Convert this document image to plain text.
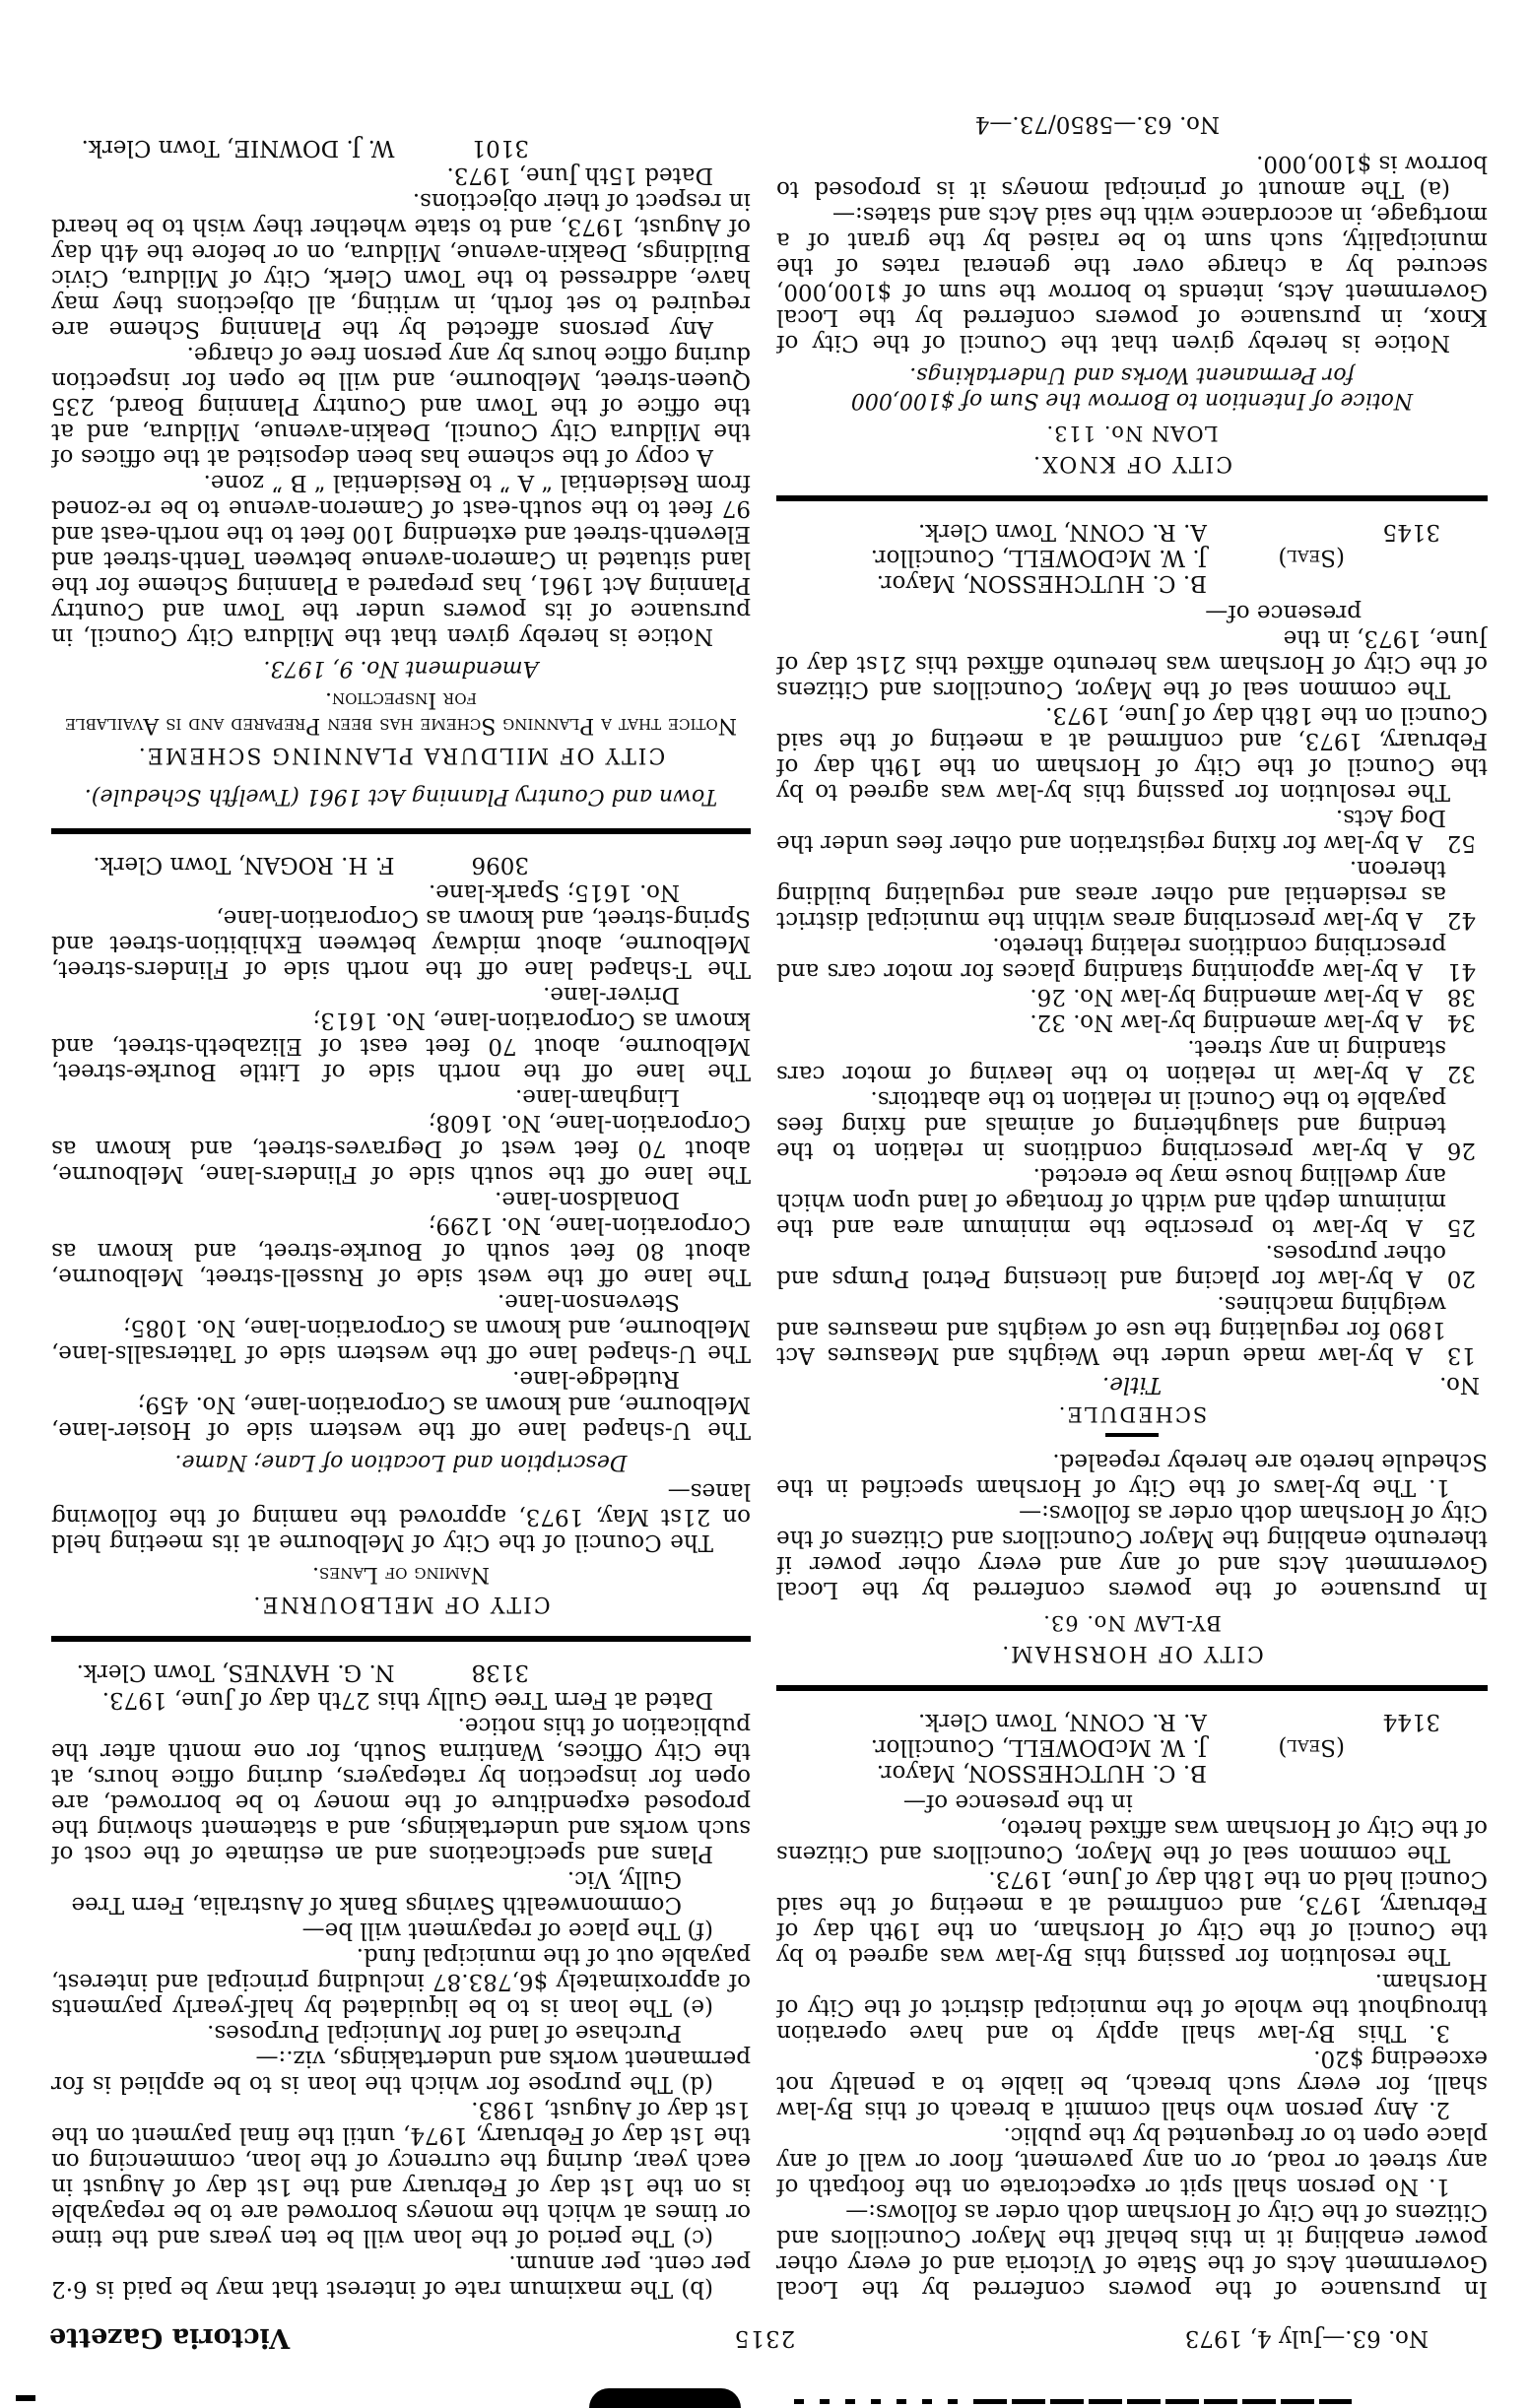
No. 63.—July 4, 1973
2315
Victoria Gazette
In pursuance of the powers conferred by the Local Government Acts of the State of Victoria and of every other power enabling it in this behalf the Mayor Councillors and Citizens of the City of Horsham doth order as follows:—
1. No person shall spit or expectorate on the footpath of any street or road, or on any pavement, floor or wall of any place open to or frequented by the public.
2. Any person who shall commit a breach of this By-law shall, for every such breach, be liable to a penalty not exceeding $20.
3. This By-law shall apply to and have operation throughout the whole of the municipal district of the City of Horsham.
The resolution for passing this By-law was agreed to by the Council of the City of Horsham, on the 19th day of February, 1973, and confirmed at a meeting of the said Council held on the 18th day of June, 1973.
The common seal of the Mayor, Councillors and Citizens of the City of Horsham was affixed hereto,
in the presence of—
B. C. HUTCHESSON, Mayor.
(Seal)
J. W. McDOWELL, Councillor.
3144
A. R. CONN, Town Clerk.
CITY OF HORSHAM.
BY-LAW No. 63.
In pursuance of the powers conferred by the Local Government Acts and of any and every other power if thereunto enabling the Mayor Councillors and Citizens of the City of Horsham doth order as follows:—
1. The by-laws of the City of Horsham specified in the Schedule hereto are hereby repealed.
SCHEDULE.
No.
Title.
13A by-law made under the Weights and Measures Act 1890 for regulating the use of weights and measures and weighing machines.
20A by-law for placing and licensing Petrol Pumps and other purposes.
25A by-law to prescribe the minimum area and the minimum depth and width of frontage of land upon which any dwelling house may be erected.
26A by-law prescribing conditions in relation to the tending and slaughtering of animals and fixing fees payable to the Council in relation to the abattoirs.
32A by-law in relation to the leaving of motor cars standing in any street.
34A by-law amending by-law No. 32.
38A by-law amending by-law No. 26.
41A by-law appointing standing places for motor cars and prescribing conditions relating thereto.
42A by-law prescribing areas within the municipal district as residential and other areas and regulating building thereon.
52A by-law for fixing registration and other fees under the Dog Acts.
The resolution for passing this by-law was agreed to by the Council of the City of Horsham on the 19th day of February, 1973, and confirmed at a meeting of the said Council on the 18th day of June, 1973.
The common seal of the Mayor, Councillors and Citizens of the City of Horsham was hereunto affixed this 21st day of June, 1973, in the
presence of—
B. C. HUTCHESSON, Mayor.
(Seal)
J. W. McDOWELL, Councillor.
3145
A. R. CONN, Town Clerk.
CITY OF KNOX.
LOAN No. 113.
Notice of Intention to Borrow the Sum of $100,000 for Permanent Works and Undertakings.
Notice is hereby given that the Council of the City of Knox, in pursuance of powers conferred by the Local Government Acts, intends to borrow the sum of $100,000, secured by a charge over the general rates of the municipality, such sum to be raised by the grant of a mortgage, in accordance with the said Acts and states:—
(a) The amount of principal moneys it is proposed to borrow is $100,000.
No. 63.—5850/73.—4
(b) The maximum rate of interest that may be paid is 6·2 per cent. per annum.
(c) The period of the loan will be ten years and the time or times at which the moneys borrowed are to be repayable is on the 1st day of February and the 1st day of August in each year, during the currency of the loan, commencing on the 1st day of February, 1974, until the final payment on the 1st day of August, 1983.
(d) The purpose for which the loan is to be applied is for permanent works and undertakings, viz.:—
Purchase of land for Municipal Purposes.
(e) The loan is to be liquidated by half-yearly payments of approximately $6,783.87 including principal and interest, payable out of the municipal fund.
(f) The place of repayment will be—
Commonwealth Savings Bank of Australia, Fern Tree Gully, Vic.
Plans and specifications and an estimate of the cost of such works and undertakings, and a statement showing the proposed expenditure of the money to be borrowed, are open for inspection by ratepayers, during office hours, at the City Offices, Wantirna South, for one month after the publication of this notice.
Dated at Fern Tree Gully this 27th day of June, 1973.
3138N. G. HAYNES, Town Clerk.
CITY OF MELBOURNE.
Naming of Lanes.
The Council of the City of Melbourne at its meeting held on 21st May, 1973, approved the naming of the following lanes—
Description and Location of Lane; Name.
The U-shaped lane off the western side of Hosier-lane, Melbourne, and known as Corporation-lane, No. 459;
Rutledge-lane.
The U-shaped lane off the western side of Tattersalls-lane, Melbourne, and known as Corporation-lane, No. 1085;
Stevenson-lane.
The lane off the west side of Russell-street, Melbourne, about 80 feet south of Bourke-street, and known as Corporation-lane, No. 1299;
Donaldson-lane.
The lane off the south side of Flinders-lane, Melbourne, about 70 feet west of Degraves-street, and known as Corporation-lane, No. 1608;
Lingham-lane.
The lane off the north side of Little Bourke-street, Melbourne, about 70 feet east of Elizabeth-street, and known as Corporation-lane, No. 1613;
Driver-lane.
The T-shaped lane off the north side of Flinders-street, Melbourne, about midway between Exhibition-street and Spring-street, and known as Corporation-lane,
No. 1615; Spark-lane.
3096F. H. ROGAN, Town Clerk.
Town and Country Planning Act 1961 (Twelfth Schedule).
CITY OF MILDURA PLANNING SCHEME.
Notice that a Planning Scheme has been Prepared and is Available for Inspection.
Amendment No. 9, 1973.
Notice is hereby given that the Mildura City Council, in pursuance of its powers under the Town and Country Planning Act 1961, has prepared a Planning Scheme for the land situated in Cameron-avenue between Tenth-street and Eleventh-street and extending 100 feet to the north-east and 97 feet to the south-east of Cameron-avenue to be re-zoned from Residential “ A ” to Residential “ B ” zone.
A copy of the scheme has been deposited at the offices of the Mildura City Council, Deakin-avenue, Mildura, and at the office of the Town and Country Planning Board, 235 Queen-street, Melbourne, and will be open for inspection during office hours by any person free of charge.
Any persons affected by the Planning Scheme are required to set forth, in writing, all objections they may have, addressed to the Town Clerk, City of Mildura, Civic Buildings, Deakin-avenue, Mildura, on or before the 4th day of August, 1973, and to state whether they wish to be heard in respect of their objections.
Dated 15th June, 1973.
3101W. J. DOWNIE, Town Clerk.
